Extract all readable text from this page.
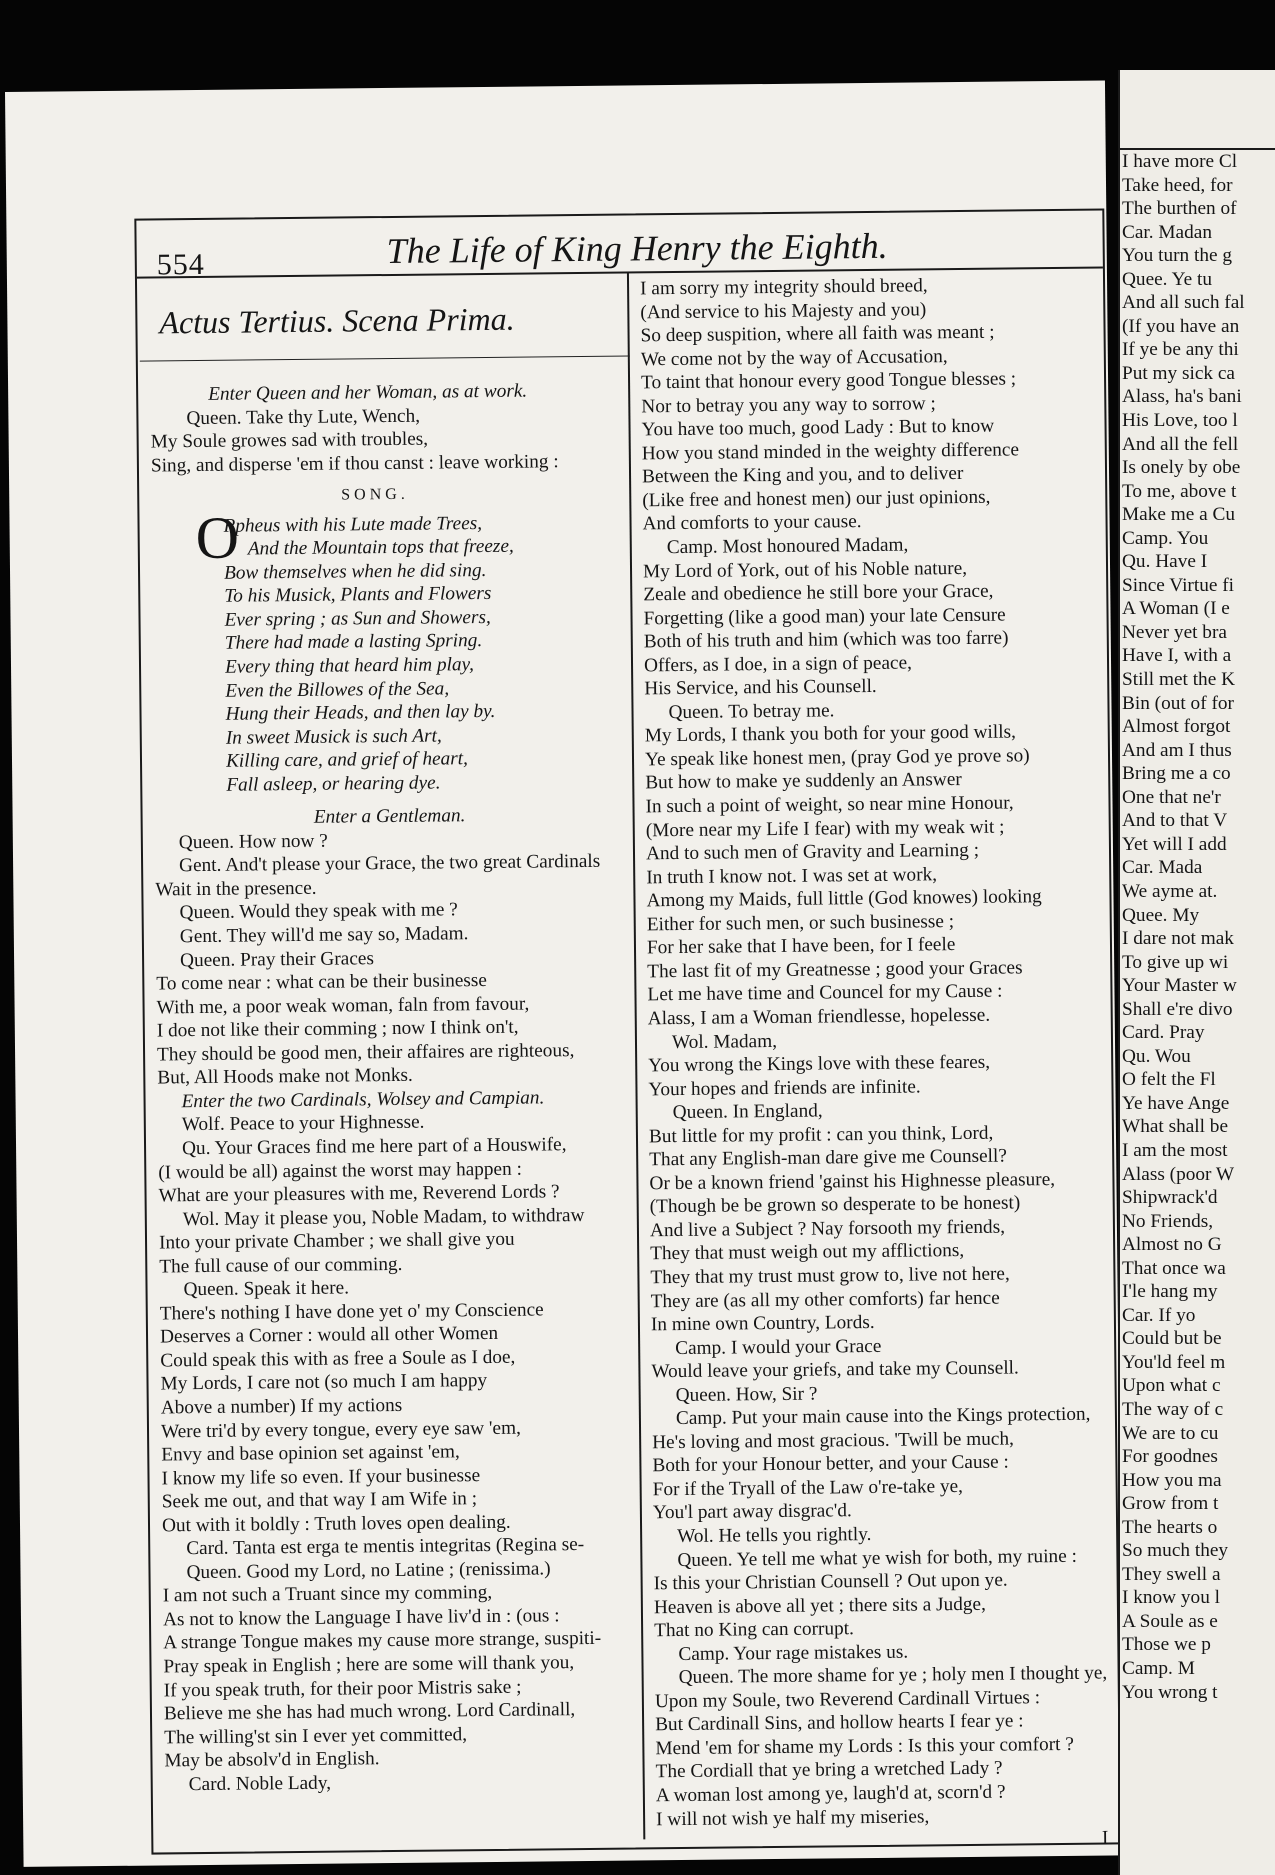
554	The Life of King Henry the Eighth.
Actus Tertius. Scena Prima.
Enter Queen and her Woman, as at work.
Queen. Take thy Lute, Wench,
My Soule growes sad with troubles,
Sing, and disperse 'em if thou canst : leave working :
SONG.
O
Rpheus with his Lute made Trees,
And the Mountain tops that freeze,
Bow themselves when he did sing.
To his Musick, Plants and Flowers
Ever spring ; as Sun and Showers,
There had made a lasting Spring.
Every thing that heard him play,
Even the Billowes of the Sea,
Hung their Heads, and then lay by.
In sweet Musick is such Art,
Killing care, and grief of heart,
Fall asleep, or hearing dye.
Enter a Gentleman.
Queen. How now ?
Gent. And't please your Grace, the two great Cardinals
Wait in the presence.
Queen. Would they speak with me ?
Gent. They will'd me say so, Madam.
Queen. Pray their Graces
To come near : what can be their businesse
With me, a poor weak woman, faln from favour,
I doe not like their comming ; now I think on't,
They should be good men, their affaires are righteous,
But, All Hoods make not Monks.
Enter the two Cardinals, Wolsey and Campian.
Wolf. Peace to your Highnesse.
Qu. Your Graces find me here part of a Houswife,
(I would be all) against the worst may happen :
What are your pleasures with me, Reverend Lords ?
Wol. May it please you, Noble Madam, to withdraw
Into your private Chamber ; we shall give you
The full cause of our comming.
Queen. Speak it here.
There's nothing I have done yet o' my Conscience
Deserves a Corner : would all other Women
Could speak this with as free a Soule as I doe,
My Lords, I care not (so much I am happy
Above a number) If my actions
Were tri'd by every tongue, every eye saw 'em,
Envy and base opinion set against 'em,
I know my life so even. If your businesse
Seek me out, and that way I am Wife in ;
Out with it boldly : Truth loves open dealing.
Card. Tanta est erga te mentis integritas (Regina se-
Queen. Good my Lord, no Latine ; (renissima.)
I am not such a Truant since my comming,
As not to know the Language I have liv'd in : (ous :
A strange Tongue makes my cause more strange, suspiti-
Pray speak in English ; here are some will thank you,
If you speak truth, for their poor Mistris sake ;
Believe me she has had much wrong. Lord Cardinall,
The willing'st sin I ever yet committed,
May be absolv'd in English.
Card. Noble Lady,
I am sorry my integrity should breed,
(And service to his Majesty and you)
So deep suspition, where all faith was meant ;
We come not by the way of Accusation,
To taint that honour every good Tongue blesses ;
Nor to betray you any way to sorrow ;
You have too much, good Lady : But to know
How you stand minded in the weighty difference
Between the King and you, and to deliver
(Like free and honest men) our just opinions,
And comforts to your cause.
Camp. Most honoured Madam,
My Lord of York, out of his Noble nature,
Zeale and obedience he still bore your Grace,
Forgetting (like a good man) your late Censure
Both of his truth and him (which was too farre)
Offers, as I doe, in a sign of peace,
His Service, and his Counsell.
Queen. To betray me.
My Lords, I thank you both for your good wills,
Ye speak like honest men, (pray God ye prove so)
But how to make ye suddenly an Answer
In such a point of weight, so near mine Honour,
(More near my Life I fear) with my weak wit ;
And to such men of Gravity and Learning ;
In truth I know not. I was set at work,
Among my Maids, full little (God knowes) looking
Either for such men, or such businesse ;
For her sake that I have been, for I feele
The last fit of my Greatnesse ; good your Graces
Let me have time and Councel for my Cause :
Alass, I am a Woman friendlesse, hopelesse.
Wol. Madam,
You wrong the Kings love with these feares,
Your hopes and friends are infinite.
Queen. In England,
But little for my profit : can you think, Lord,
That any English-man dare give me Counsell?
Or be a known friend 'gainst his Highnesse pleasure,
(Though be be grown so desperate to be honest)
And live a Subject ? Nay forsooth my friends,
They that must weigh out my afflictions,
They that my trust must grow to, live not here,
They are (as all my other comforts) far hence
In mine own Country, Lords.
Camp. I would your Grace
Would leave your griefs, and take my Counsell.
Queen. How, Sir ?
Camp. Put your main cause into the Kings protection,
He's loving and most gracious. 'Twill be much,
Both for your Honour better, and your Cause :
For if the Tryall of the Law o're-take ye,
You'l part away disgrac'd.
Wol. He tells you rightly.
Queen. Ye tell me what ye wish for both, my ruine :
Is this your Christian Counsell ? Out upon ye.
Heaven is above all yet ; there sits a Judge,
That no King can corrupt.
Camp. Your rage mistakes us.
Queen. The more shame for ye ; holy men I thought ye,
Upon my Soule, two Reverend Cardinall Virtues :
But Cardinall Sins, and hollow hearts I fear ye :
Mend 'em for shame my Lords : Is this your comfort ?
The Cordiall that ye bring a wretched Lady ?
A woman lost among ye, laugh'd at, scorn'd ?
I will not wish ye half my miseries,
I
I have more Cl
Take heed, for
The burthen of
Car. Madan
You turn the g
Quee. Ye tu
And all such fal
(If you have an
If ye be any thi
Put my sick ca
Alass, ha's bani
His Love, too l
And all the fell
Is onely by obe
To me, above t
Make me a Cu
Camp. You
Qu. Have I
Since Virtue fi
A Woman (I e
Never yet bra
Have I, with a
Still met the K
Bin (out of for
Almost forgot
And am I thus
Bring me a co
One that ne'r
And to that V
Yet will I add
Car. Mada
We ayme at.
Quee. My
I dare not mak
To give up wi
Your Master w
Shall e're divo
Card. Pray
Qu. Wou
O felt the Fl
Ye have Ange
What shall be
I am the most
Alass (poor W
Shipwrack'd
No Friends,
Almost no G
That once wa
I'le hang my
Car. If yo
Could but be
You'ld feel m
Upon what c
The way of c
We are to cu
For goodnes
How you ma
Grow from t
The hearts o
So much they
They swell a
I know you l
A Soule as e
Those we p
Camp. M
You wrong t
